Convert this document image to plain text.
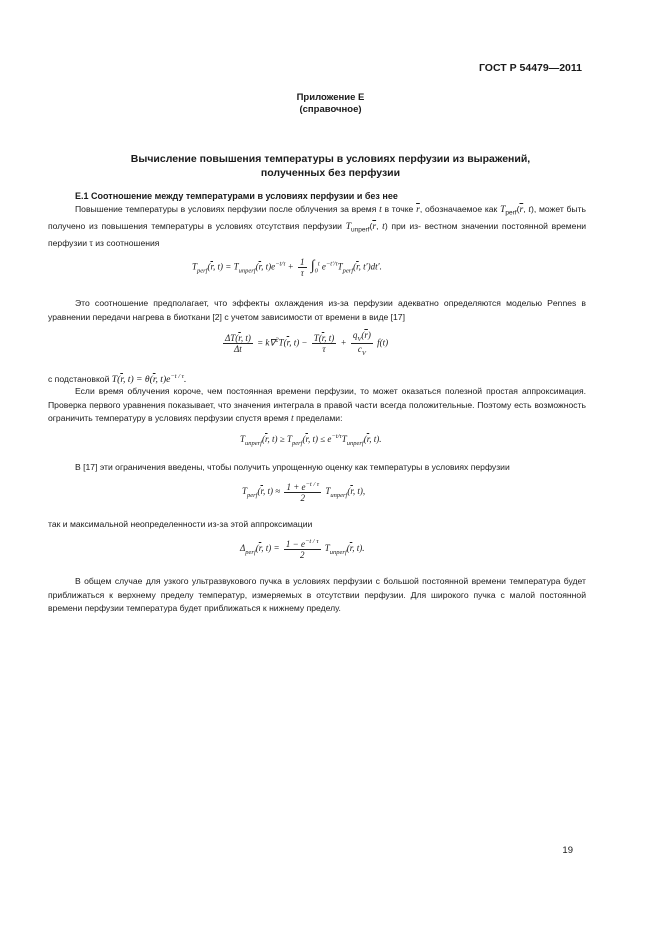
ГОСТ Р 54479—2011
Приложение Е
(справочное)
Вычисление повышения температуры в условиях перфузии из выражений,
полученных без перфузии
Е.1 Соотношение между температурами в условиях перфузии и без нее
Повышение температуры в условиях перфузии после облучения за время t в точке $\overline{r}$, обозначаемое как $T_{perf}(\overline{r}$, t), может быть получено из повышения температуры в условиях отсутствия перфузии $T_{unperf}(\overline{r}$, t) при из- вестном значении постоянной времени перфузии τ из соотношения
$T_{perf}(\overline{r}$, $t) = T_{unperf}(\overline{r}$, $t)e^{-t/\tau} + \frac{1}{\tau} \int_0^t$ $e^{-t'/\tau}T_{perf}(\overline{r}$, t′)dt′.
Это соотношение предполагает, что эффекты охлаждения из-за перфузии адекватно определяются моделью Pennes в уравнении передачи нагрева в биоткани [2] с учетом зависимости от времени в виде [17]
$\frac{\Delta T(\overline{r}, t)}{\Delta t} = k\nabla^2T(\overline{r}$, $t) - \frac{T(\overline{r}, t)}{\tau} + \frac{q_V(\overline{r})}{c_V} f(t)$
с подстановкой $T(\overline{r}$, $t) = \theta(\overline{r}$, $t)e^{-t / \tau}$.
Если время облучения короче, чем постоянная времени перфузии, то может оказаться полезной простая аппроксимация. Проверка первого уравнения показывает, что значения интеграла в правой части всегда положительные. Поэтому есть возможность ограничить температуру в условиях перфузии спустя время t пределами:
$T_{unperf}(\overline{r}$, $t) \ge T_{perf}(\overline{r}$, $t) \le e^{-t/\tau}T_{unperf}(\overline{r}$, t).
В [17] эти ограничения введены, чтобы получить упрощенную оценку как температуры в условиях перфузии
$T_{perf}(\overline{r}$, $t) \approx \frac{1 + e^{-t / \tau}}{2} T_{unperf}(\overline{r}$, t),
так и максимальной неопределенности из-за этой аппроксимации
$\Delta_{perf}(\overline{r}$, $t) = \frac{1 - e^{-t / \tau}}{2} T_{unperf}(\overline{r}$, t).
В общем случае для узкого ультразвукового пучка в условиях перфузии с большой постоянной времени температура будет приближаться к верхнему пределу температур, измеряемых в отсутствии перфузии. Для широкого пучка с малой постоянной времени перфузии температура будет приближаться к нижнему пределу.
19
